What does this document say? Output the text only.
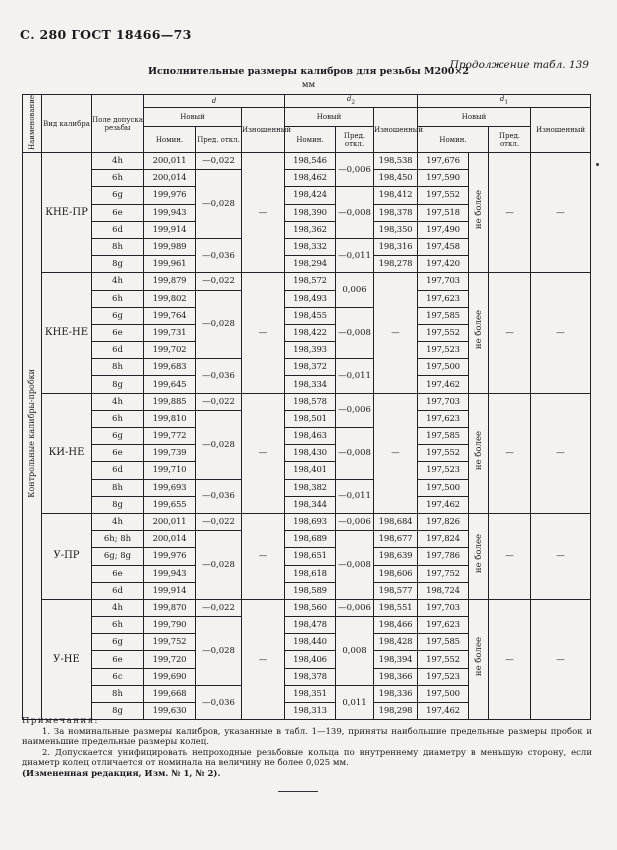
С. 280 ГОСТ 18466—73
Продолжение табл. 139
Исполнительные размеры калибров для резьбы М200×2
мм
Наименование	Вид калибра	Поле допуска резьбы	d			$d_2$			$d_1$
			Новый		Изношенный	Новый		Изношенный	Новый			Изношенный
			Номин.	Пред. откл.		Номин.	Пред. откл.		Номин.		Пред. откл.	
Контрольные калибры-пробки	КНЕ-ПР	4h	200,011	—0,022	—	198,546	—0,006	198,538	197,676	не более	—	—
		6h	200,014	—0,028		198,462		198,450	197,590			
		6g	199,976			198,424	—0,008	198,412	197,552			
		6e	199,943			198,390		198,378	197,518			
		6d	199,914			198,362		198,350	197,490			
		8h	199,989	—0,036		198,332	—0,011	198,316	197,458			
		8g	199,961			198,294		198,278	197,420			
	КНЕ-НЕ	4h	199,879	—0,022	—	198,572	0,006	—	197,703	не более	—	—
		6h	199,802	—0,028		198,493			197,623			
		6g	199,764			198,455	—0,008		197,585			
		6e	199,731			198,422			197,552			
		6d	199,702			198,393			197,523			
		8h	199,683	—0,036		198,372	—0,011		197,500			
		8g	199,645			198,334			197,462			
	КИ-НЕ	4h	199,885	—0,022	—	198,578	—0,006	—	197,703	не более	—	—
		6h	199,810	—0,028		198,501			197,623			
		6g	199,772			198,463	—0,008		197,585			
		6e	199,739			198,430			197,552			
		6d	199,710			198,401			197,523			
		8h	199,693	—0,036		198,382	—0,011		197,500			
		8g	199,655			198,344			197,462			
	У-ПР	4h	200,011	—0,022	—	198,693	—0,006	198,684	197,826	не более	—	—
		6h; 8h	200,014	—0,028		198,689	—0,008	198,677	197,824			
		6g; 8g	199,976			198,651		198,639	197,786			
		6e	199,943			198,618		198,606	197,752			
		6d	199,914			198,589		198,577	198,724			
	У-НЕ	4h	199,870	—0,022	—	198,560	—0,006	198,551	197,703	не более	—	—
		6h	199,790	—0,028		198,478	0,008	198,466	197,623			
		6g	199,752			198,440		198,428	197,585			
		6e	199,720			198,406		198,394	197,552			
		6c	199,690			198,378		198,366	197,523			
		8h	199,668	—0,036		198,351	0,011	198,336	197,500			
		8g	199,630			198,313		198,298	197,462			
Примечания:
1. За номинальные размеры калибров, указанные в табл. 1—139, приняты наибольшие предельные размеры пробок и наименьшие предельные размеры колец.
2. Допускается унифицировать непроходные резьбовые кольца по внутреннему диаметру в меньшую сторону, если диаметр колец отличается от номинала на величину не более 0,025 мм.
(Измененная редакция, Изм. № 1, № 2).
